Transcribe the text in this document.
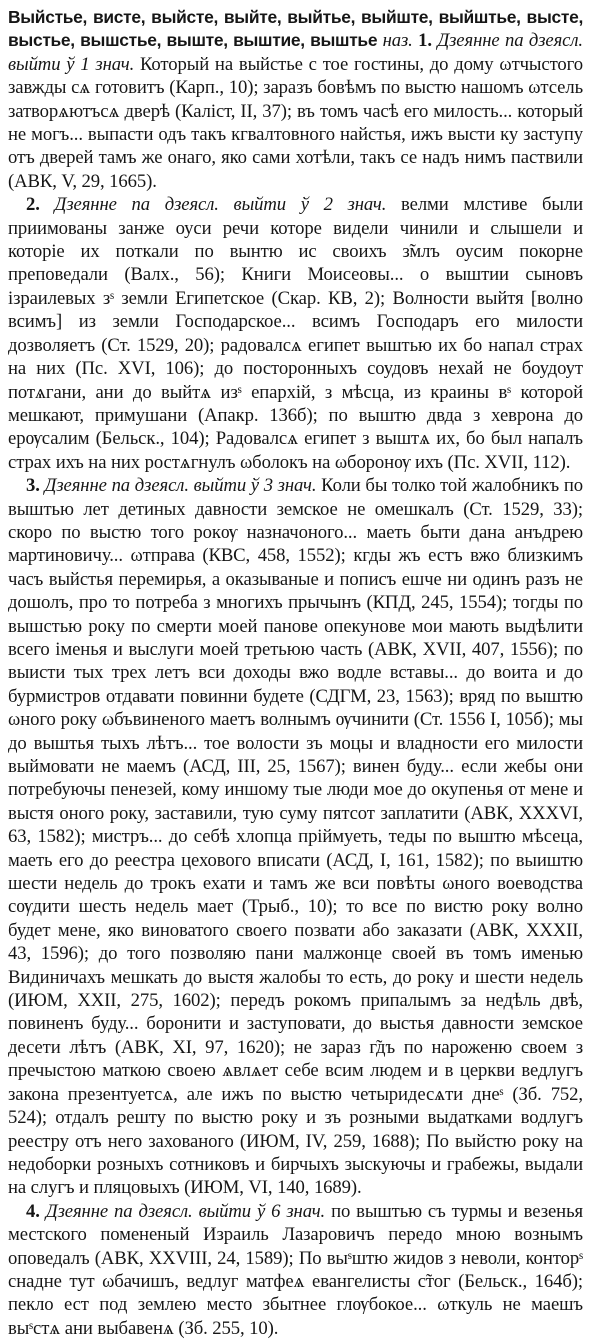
Выйстье, висте, выйсте, выйте, выйтье, выйште, выйштье, высте, выстье, вышстье, выште, выштие, выштье наз. 1. Дзеянне па дзеясл. выйти ў 1 знач. Который на выйстье с тое гостины, до дому ωтчыстого завжды сѧ готовитъ (Карп., 10); заразъ бовѣмъ по выстю нашомъ ωтсель затворѧютъсѧ дверѣ (Каліст, II, 37); въ томъ часѣ его милость... который не могъ... выпасти одъ такъ кгвалтовного найстья, ижъ высти ку заступу отъ дверей тамъ же онаго, яко сами хотѣли, такъ се надъ нимъ паствили (АВК, V, 29, 1665).

2. Дзеянне па дзеясл. выйти ў 2 знач. велми млстиве были приимованы занже оуси речи которе видели чинили и слышели и которіе их поткали по вынтю ис своихъ з̃млъ оусим покорне преповедали (Валх., 56); Книги Моисеовы... о выштии сыновъ ізраилевых зˢ земли Египетское (Скар. КВ, 2); Волности выйтя [волно всимъ] из земли Господарское... всимъ Господаръ его милости дозволяетъ (Ст. 1529, 20); радовалсѧ египет выштью их бо напал страх на них (Пс. XVI, 106); до посторонныхъ соудовъ нехай не боудоут потѧгани, ани до выйтѧ изˢ епархій, з мѣсца, из краины вˢ которой мешкают, примушани (Апакр. 136б); по выштю двда з хеврона до ерѹсалим (Бельск., 104); Радовалсѧ египет з выштѧ их, бо был напалъ страх ихъ на них ростѧгнулъ ωболокъ на ωборонѹ ихъ (Пс. XVII, 112).

3. Дзеянне па дзеясл. выйти ў 3 знач. Коли бы толко той жалобникъ по выштью лет детиных давности земское не омешкалъ (Ст. 1529, 33); скоро по выстю того рокѹ назначоного... маеть быти дана анъдрею мартиновичу... ωтправа (КВС, 458, 1552); кгды жъ естъ вжо близкимъ часъ выйстья перемирья, а оказываные и пописъ ешче ни одинъ разъ не дошолъ, про то потреба з многихъ прычынъ (КПД, 245, 1554); тогды по вышстью року по смерти моей панове опекунове мои мають выдѣлити всего іменья и выслуги моей третьюю часть (АВК, XVII, 407, 1556); по выисти тых трех летъ вси доходы вжо водле вставы... до воита и до бурмистров отдавати повинни будете (СДГМ, 23, 1563); вряд по выштю ωного року ωбъвиненого маетъ волнымъ ѹчинити (Ст. 1556 I, 105б); мы до выштья тыхъ лѣтъ... тое волости зъ моцы и владности его милости выймовати не маемъ (АСД, III, 25, 1567); винен буду... если жебы они потребуючы пенезей, кому иншому тые люди мое до окупенья от мене и выстя оного року, заставили, тую суму пятсот заплатити (АВК, XXXVI, 63, 1582); мистръ... до себѣ хлопца пріймуеть, теды по выштю мѣсеца, маеть его до реестра цехового вписати (АСД, I, 161, 1582); по выиштю шести недель до трокъ ехати и тамъ же вси повѣты ωного воеводства сѹдити шесть недель мает (Трыб., 10); то все по вистю року волно будет мене, яко виноватого своего позвати або заказати (АВК, XXXII, 43, 1596); до того позволяю пани малжонце своей въ томъ именью Видиничахъ мешкать до выстя жалобы то есть, до року и шести недель (ИЮМ, XXII, 275, 1602); передъ рокомъ припалымъ за недѣль двѣ, повиненъ буду... боронити и заступовати, до выстья давности земское десети лѣтъ (АВК, XI, 97, 1620); не зараз г̃дъ по нароженю своем з пречыстою маткою своею ѧвлѧет себе всим людем и в церкви ведлугъ закона презентуетсѧ, але ижъ по выстю четыридесѧти днеˢ (Зб. 752, 524); отдалъ решту по выстю року и зъ розными выдатками водлугъ реестру отъ него захованого (ИЮМ, IV, 259, 1688); По выйстю року на недоборки розныхъ сотниковъ и бирчыхъ зыскуючы и грабежы, выдали на слугъ и пляцовыхъ (ИЮМ, VI, 140, 1689).

4. Дзеянне па дзеясл. выйти ў 6 знач. по выштью съ турмы и везенья местского помененый Израиль Лазаровичъ передо мною вознымъ оповедалъ (АВК, XXVIII, 24, 1589); По выˢштю жидов з неволи, конторˢ снадне тут ωбачишъ, ведлуг матфеѧ евангелисты с̃тог (Бельск., 164б); пекло ест под землею место збытнее глѹбокое... ωткуль не маешъ выˢстѧ ани выбавенѧ (Зб. 255, 10).
